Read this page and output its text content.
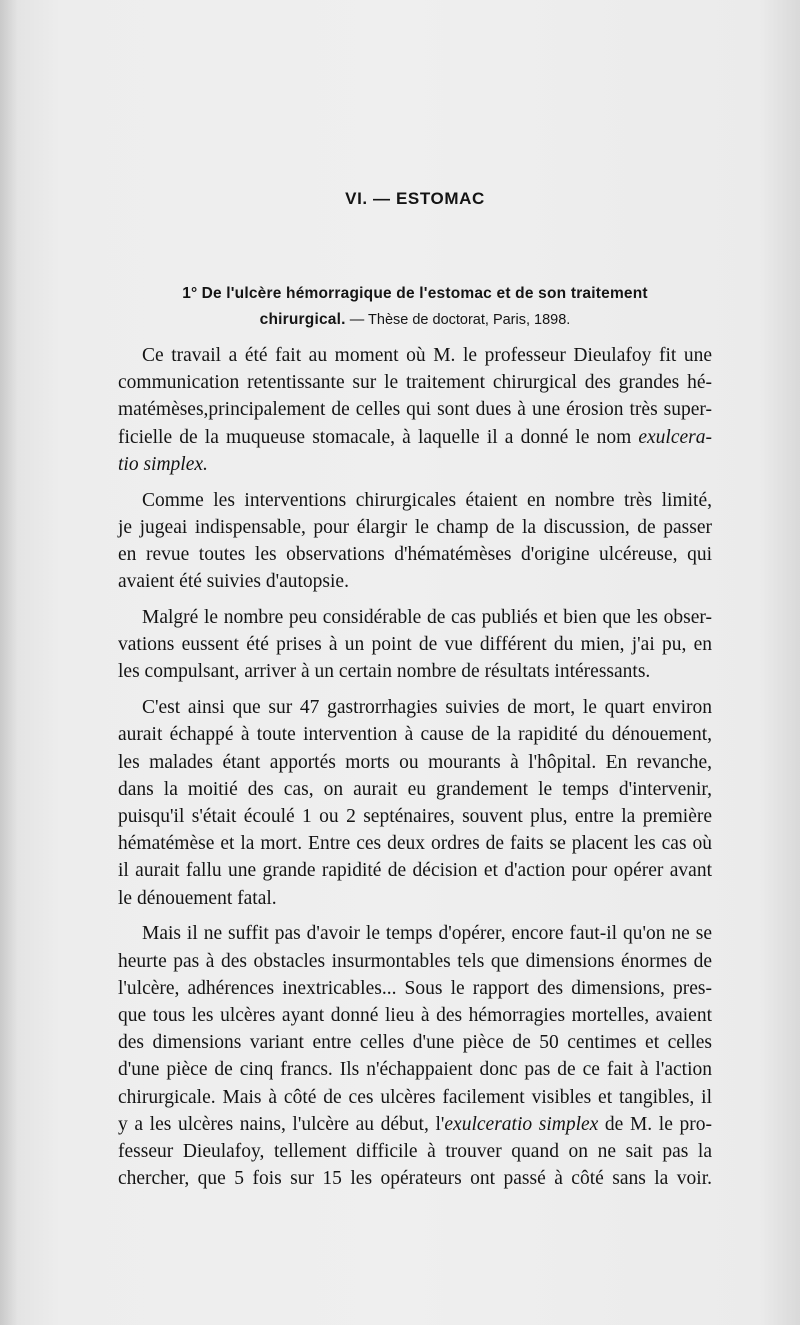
VI. — ESTOMAC
1° De l'ulcère hémorragique de l'estomac et de son traitement
chirurgical. — Thèse de doctorat, Paris, 1898.
Ce travail a été fait au moment où M. le professeur Dieulafoy fit une
communication retentissante sur le traitement chirurgical des grandes hé-
matémèses,principalement de celles qui sont dues à une érosion très super-
ficielle de la muqueuse stomacale, à laquelle il a donné le nom exulcera-
tio simplex.
Comme les interventions chirurgicales étaient en nombre très limité,
je jugeai indispensable, pour élargir le champ de la discussion, de passer
en revue toutes les observations d'hématémèses d'origine ulcéreuse, qui
avaient été suivies d'autopsie.
Malgré le nombre peu considérable de cas publiés et bien que les obser-
vations eussent été prises à un point de vue différent du mien, j'ai pu, en
les compulsant, arriver à un certain nombre de résultats intéressants.
C'est ainsi que sur 47 gastrorrhagies suivies de mort, le quart environ
aurait échappé à toute intervention à cause de la rapidité du dénouement,
les malades étant apportés morts ou mourants à l'hôpital. En revanche,
dans la moitié des cas, on aurait eu grandement le temps d'intervenir,
puisqu'il s'était écoulé 1 ou 2 septénaires, souvent plus, entre la première
hématémèse et la mort. Entre ces deux ordres de faits se placent les cas où
il aurait fallu une grande rapidité de décision et d'action pour opérer avant
le dénouement fatal.
Mais il ne suffit pas d'avoir le temps d'opérer, encore faut-il qu'on ne se
heurte pas à des obstacles insurmontables tels que dimensions énormes de
l'ulcère, adhérences inextricables... Sous le rapport des dimensions, pres-
que tous les ulcères ayant donné lieu à des hémorragies mortelles, avaient
des dimensions variant entre celles d'une pièce de 50 centimes et celles
d'une pièce de cinq francs. Ils n'échappaient donc pas de ce fait à l'action
chirurgicale. Mais à côté de ces ulcères facilement visibles et tangibles, il
y a les ulcères nains, l'ulcère au début, l'exulceratio simplex de M. le pro-
fesseur Dieulafoy, tellement difficile à trouver quand on ne sait pas la
chercher, que 5 fois sur 15 les opérateurs ont passé à côté sans la voir.
